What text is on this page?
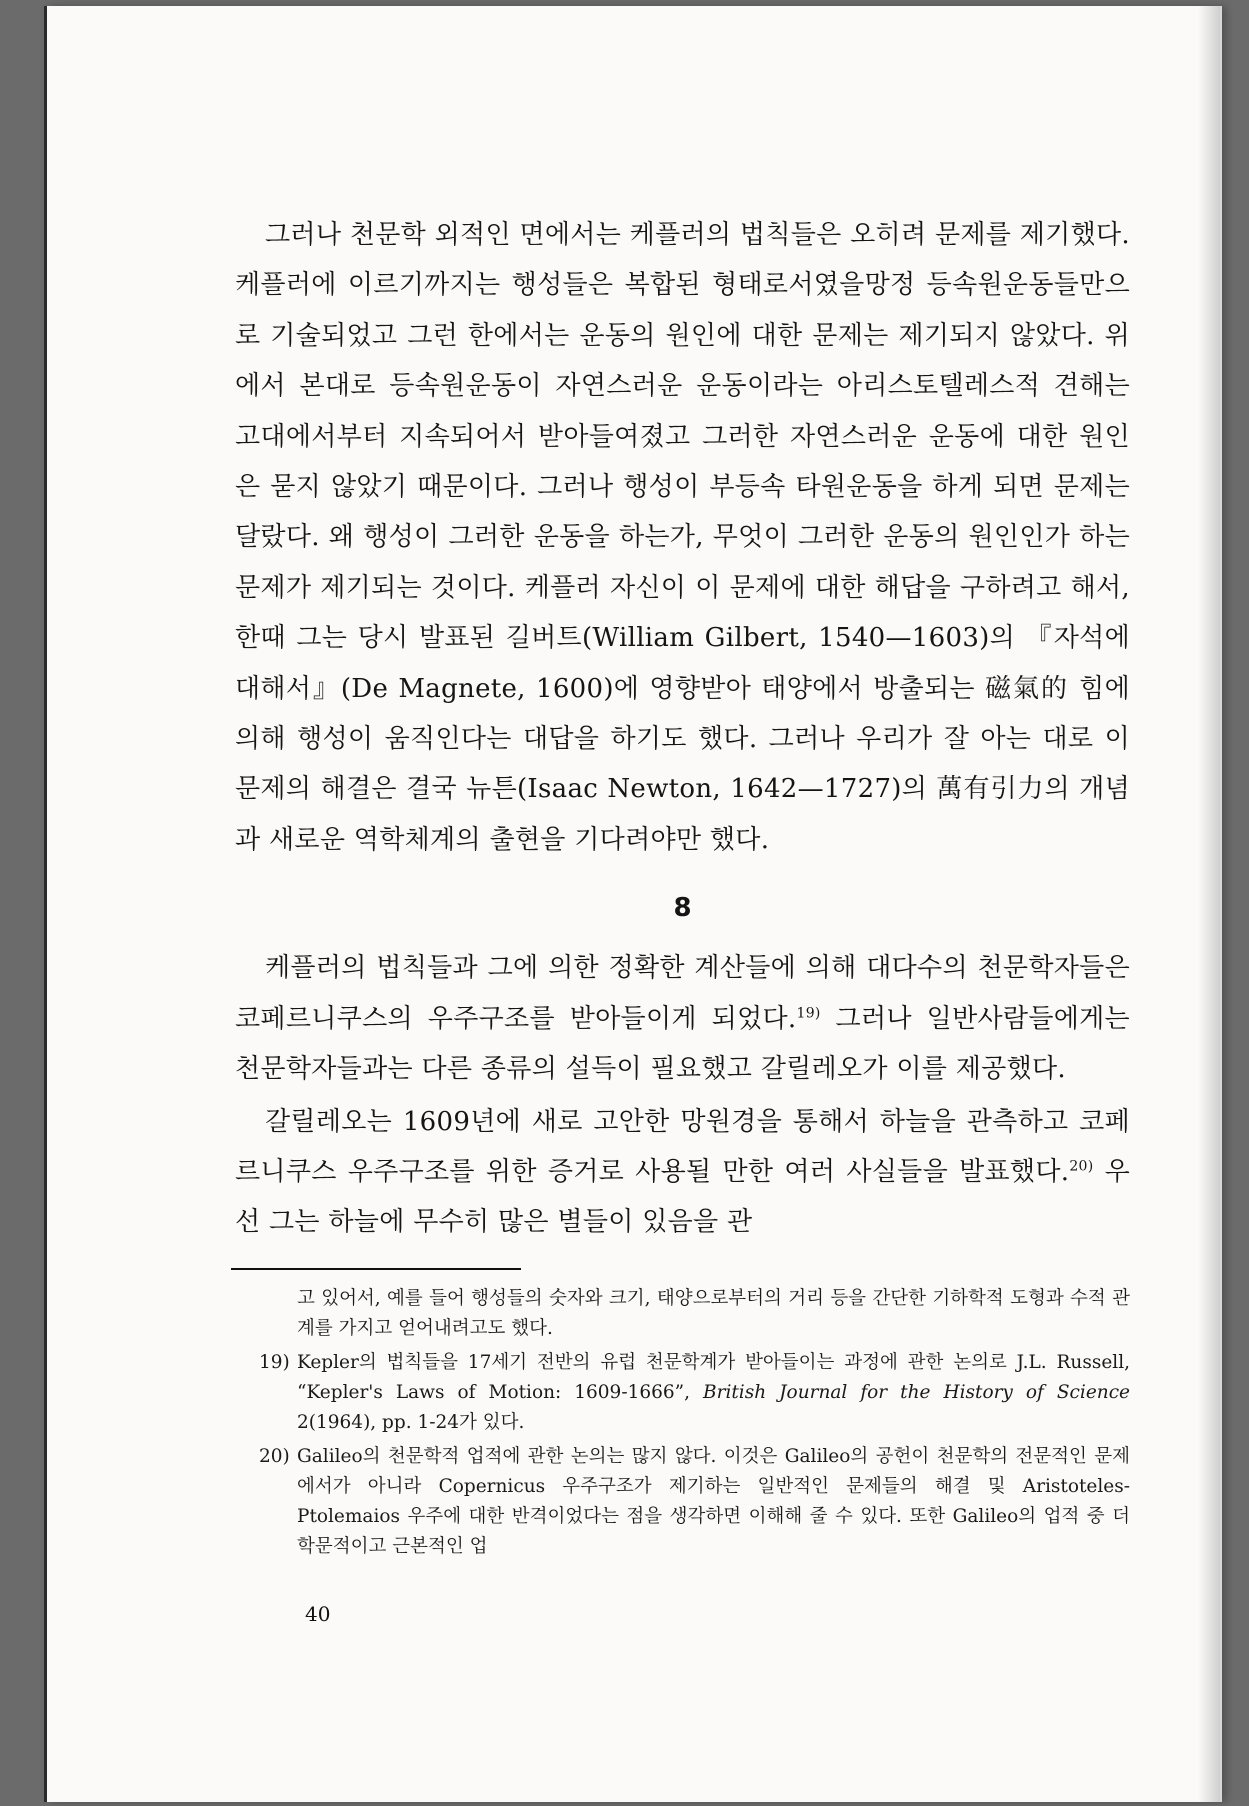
그러나 천문학 외적인 면에서는 케플러의 법칙들은 오히려 문제를 제기했다. 케플러에 이르기까지는 행성들은 복합된 형태로서였을망정 등속원운동들만으로 기술되었고 그런 한에서는 운동의 원인에 대한 문제는 제기되지 않았다. 위에서 본대로 등속원운동이 자연스러운 운동이라는 아리스토텔레스적 견해는 고대에서부터 지속되어서 받아들여졌고 그러한 자연스러운 운동에 대한 원인은 묻지 않았기 때문이다. 그러나 행성이 부등속 타원운동을 하게 되면 문제는 달랐다. 왜 행성이 그러한 운동을 하는가, 무엇이 그러한 운동의 원인인가 하는 문제가 제기되는 것이다. 케플러 자신이 이 문제에 대한 해답을 구하려고 해서, 한때 그는 당시 발표된 길버트(William Gilbert, 1540—1603)의 『자석에 대해서』(De Magnete, 1600)에 영향받아 태양에서 방출되는 磁氣的 힘에 의해 행성이 움직인다는 대답을 하기도 했다. 그러나 우리가 잘 아는 대로 이 문제의 해결은 결국 뉴튼(Isaac Newton, 1642—1727)의 萬有引力의 개념과 새로운 역학체계의 출현을 기다려야만 했다.

8

케플러의 법칙들과 그에 의한 정확한 계산들에 의해 대다수의 천문학자들은 코페르니쿠스의 우주구조를 받아들이게 되었다.$^{19)}$ 그러나 일반사람들에게는 천문학자들과는 다른 종류의 설득이 필요했고 갈릴레오가 이를 제공했다.

갈릴레오는 1609년에 새로 고안한 망원경을 통해서 하늘을 관측하고 코페르니쿠스 우주구조를 위한 증거로 사용될 만한 여러 사실들을 발표했다.$^{20)}$ 우선 그는 하늘에 무수히 많은 별들이 있음을 관

고 있어서, 예를 들어 행성들의 숫자와 크기, 태양으로부터의 거리 등을 간단한 기하학적 도형과 수적 관계를 가지고 얻어내려고도 했다.

19) Kepler의 법칙들을 17세기 전반의 유럽 천문학계가 받아들이는 과정에 관한 논의로 J.L. Russell, “Kepler's Laws of Motion: 1609-1666”, British Journal for the History of Science 2(1964), pp. 1-24가 있다.

20) Galileo의 천문학적 업적에 관한 논의는 많지 않다. 이것은 Galileo의 공헌이 천문학의 전문적인 문제에서가 아니라 Copernicus 우주구조가 제기하는 일반적인 문제들의 해결 및 Aristoteles-Ptolemaios 우주에 대한 반격이었다는 점을 생각하면 이해해 줄 수 있다. 또한 Galileo의 업적 중 더 학문적이고 근본적인 업

40
